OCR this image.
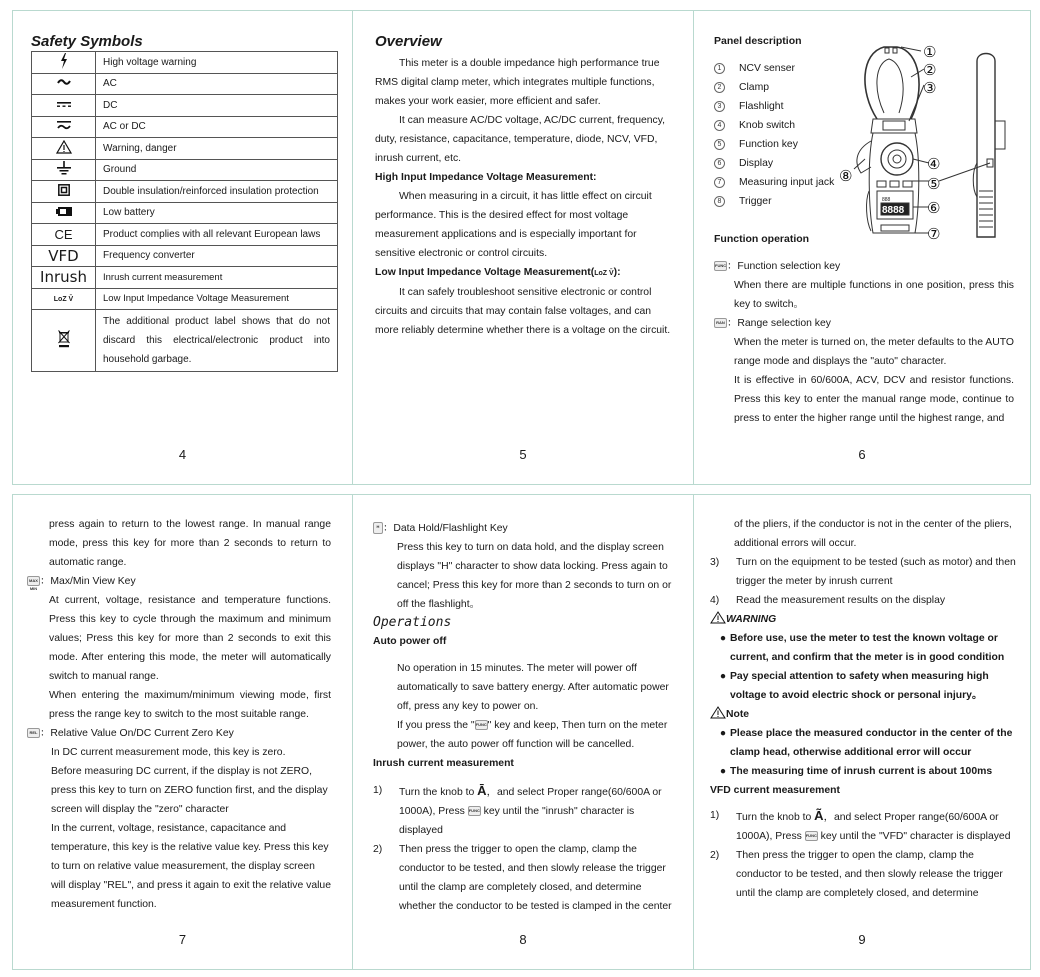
Safety Symbols
	High voltage warning
	AC
	DC
	AC or DC
	Warning, danger
	Ground
	Double insulation/reinforced insulation protection
	Low battery
CE	Product complies with all relevant European laws
VFD	Frequency converter
Inrush	Inrush current measurement
LoZ V̄	Low Input Impedance Voltage Measurement
	The additional product label shows that do not discard this electrical/electronic product into household garbage.
4
Overview

This meter is a double impedance high performance true RMS digital clamp meter, which integrates multiple functions, makes your work easier, more efficient and safer.

It can measure AC/DC voltage, AC/DC current, frequency, duty, resistance, capacitance, temperature, diode, NCV, VFD, inrush current, etc.

High Input Impedance Voltage Measurement:

When measuring in a circuit, it has little effect on circuit performance. This is the desired effect for most voltage measurement applications and is especially important for sensitive electronic or control circuits.

Low Input Impedance Voltage Measurement(LoZ V̄):

It can safely troubleshoot sensitive electronic or control circuits and circuits that may contain false voltages, and can more reliably determine whether there is a voltage on the circuit.

5
Panel description
1	NCV senser
2	Clamp
3	Flashlight
4	Knob switch
5	Function key
6	Display
7	Measuring input jack
8	Trigger	888
8888
①
②
③
④
⑤
⑥
⑦
⑧
Function operation

FUNC：Function selection key

When there are multiple functions in one position, press this key to switch。

RAN ：Range selection key

When the meter is turned on, the meter defaults to the AUTO range mode and displays the "auto" character.

It is effective in 60/600A, ACV, DCV and resistor functions. Press this key to enter the manual range mode, continue to press to enter the higher range until the highest range, and

6

press again to return to the lowest range. In manual range mode, press this key for more than 2 seconds to return to automatic range.

MAX MIN：Max/Min View Key

At current, voltage, resistance and temperature functions. Press this key to cycle through the maximum and minimum values; Press this key for more than 2 seconds to exit this mode. After entering this mode, the meter will automatically switch to manual range.

When entering the maximum/minimum viewing mode, first press the range key to switch to the most suitable range.

REL ：Relative Value On/DC Current Zero Key

In DC current measurement mode, this key is zero.

Before measuring DC current, if the display is not ZERO, press this key to turn on ZERO function first, and the display screen will display the "zero" character

In the current, voltage, resistance, capacitance and temperature, this key is the relative value key. Press this key to turn on relative value measurement, the display screen will display "REL", and press it again to exit the relative value measurement function.

7

H ：Data Hold/Flashlight Key

Press this key to turn on data hold, and the display screen displays "H" character to show data locking. Press again to cancel; Press this key for more than 2 seconds to turn on or off the flashlight。

Operations

Auto power off

No operation in 15 minutes. The meter will power off automatically to save battery energy. After automatic power off, press any key to power on.

If you press the "FUNC" key and keep, Then turn on the meter power, the auto power off function will be cancelled.

Inrush current measurement

1)	Turn the knob to Ā，and select Proper range(60/600A or 1000A), Press FUNC key until the "inrush" character is displayed
2)	Then press the trigger to open the clamp, clamp the conductor to be tested, and then slowly release the trigger until the clamp are completely closed, and determine whether the conductor to be tested is clamped in the center
8

of the pliers, if the conductor is not in the center of the pliers, additional errors will occur.

3)	Turn on the equipment to be tested (such as motor) and then trigger the meter by inrush current
4)	Read the measurement results on the display

WARNING

● Before use, use the meter to test the known voltage or current, and confirm that the meter is in good condition
● Pay special attention to safety when measuring high voltage to avoid electric shock or personal injury。

Note

● Please place the measured conductor in the center of the clamp head, otherwise additional error will occur
● The measuring time of inrush current is about 100ms

VFD current measurement

1)	Turn the knob to Ã，and select Proper range(60/600A or 1000A), Press FUNC key until the "VFD" character is displayed
2)	Then press the trigger to open the clamp, clamp the conductor to be tested, and then slowly release the trigger until the clamp are completely closed, and determine
9
